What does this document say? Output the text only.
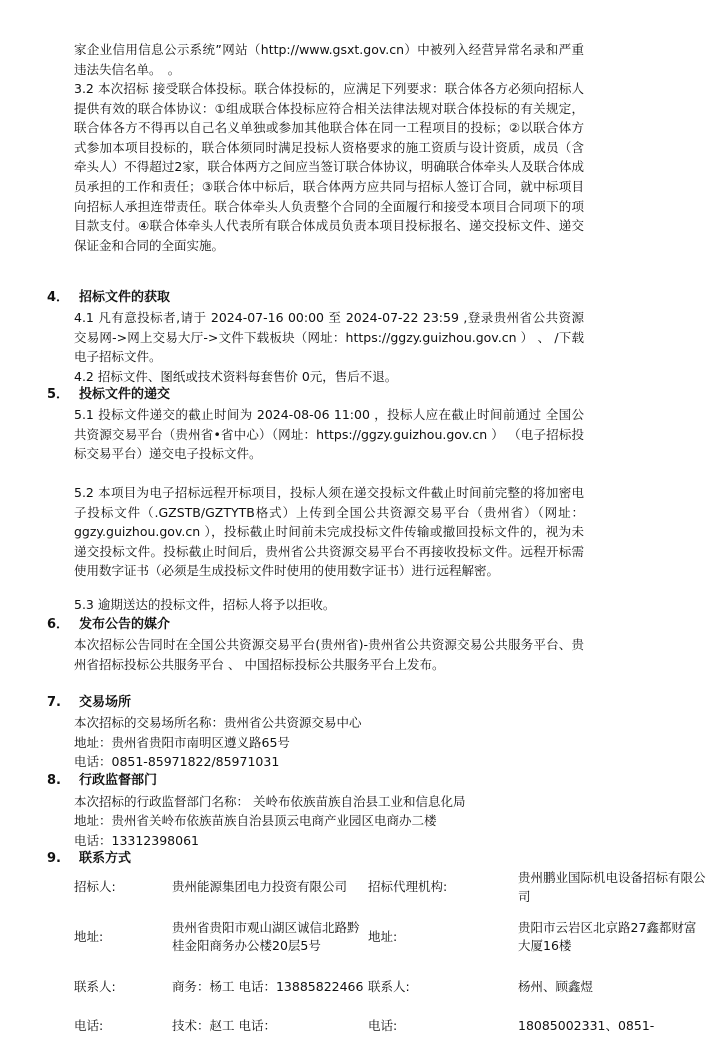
家企业信用信息公示系统”网站（http://www.gsxt.gov.cn）中被列入经营异常名录和严重违法失信名单。　。

3.2 本次招标 接受联合体投标。联合体投标的，应满足下列要求：联合体各方必须向招标人提供有效的联合体协议：①组成联合体投标应符合相关法律法规对联合体投标的有关规定，联合体各方不得再以自己名义单独或参加其他联合体在同一工程项目的投标；②以联合体方式参加本项目投标的，联合体须同时满足投标人资格要求的施工资质与设计资质，成员（含牵头人）不得超过2家，联合体两方之间应当签订联合体协议，明确联合体牵头人及联合体成员承担的工作和责任；③联合体中标后，联合体两方应共同与招标人签订合同，就中标项目向招标人承担连带责任。联合体牵头人负责整个合同的全面履行和接受本项目合同项下的项目款支付。④联合体牵头人代表所有联合体成员负责本项目投标报名、递交投标文件、递交保证金和合同的全面实施。

4． 招标文件的获取

4.1 凡有意投标者,请于 2024-07-16 00:00 至 2024-07-22 23:59 ,登录贵州省公共资源交易网->网上交易大厅->文件下载板块（网址：https://ggzy.guizhou.gov.cn ） 、 /下载电子招标文件。

4.2 招标文件、图纸或技术资料每套售价 0元，售后不退。

5． 投标文件的递交

5.1 投标文件递交的截止时间为 2024-08-06 11:00 ，投标人应在截止时间前通过 全国公共资源交易平台（贵州省•省中心）（网址：https://ggzy.guizhou.gov.cn ） （电子招标投标交易平台）递交电子投标文件。

5.2 本项目为电子招标远程开标项目，投标人须在递交投标文件截止时间前完整的将加密电子投标文件（.GZSTB/GZTYTB格式）上传到全国公共资源交易平台（贵州省）（网址：ggzy.guizhou.gov.cn ），投标截止时间前未完成投标文件传输或撤回投标文件的，视为未递交投标文件。投标截止时间后，贵州省公共资源交易平台不再接收投标文件。远程开标需使用数字证书（必须是生成投标文件时使用的使用数字证书）进行远程解密。

5.3 逾期送达的投标文件，招标人将予以拒收。

6． 发布公告的媒介

本次招标公告同时在全国公共资源交易平台(贵州省)-贵州省公共资源交易公共服务平台、贵州省招标投标公共服务平台 、 中国招标投标公共服务平台上发布。

7. 交易场所

本次招标的交易场所名称：贵州省公共资源交易中心

地址：贵州省贵阳市南明区遵义路65号

电话：0851-85971822/85971031

8. 行政监督部门

本次招标的行政监督部门名称： 关岭布依族苗族自治县工业和信息化局

地址：贵州省关岭布依族苗族自治县顶云电商产业园区电商办二楼

电话：13312398061

9. 联系方式
招标人:	贵州能源集团电力投资有限公司	招标代理机构:	贵州鹏业国际机电设备招标有限公司
地址:	贵州省贵阳市观山湖区诚信北路黔桂金阳商务办公楼20层5号	地址:	贵阳市云岩区北京路27鑫都财富大厦16楼
联系人:	商务：杨工 电话：13885822466	联系人:	杨州、顾鑫煜
电话:	技术：赵工 电话：	电话:	18085002331、0851-
